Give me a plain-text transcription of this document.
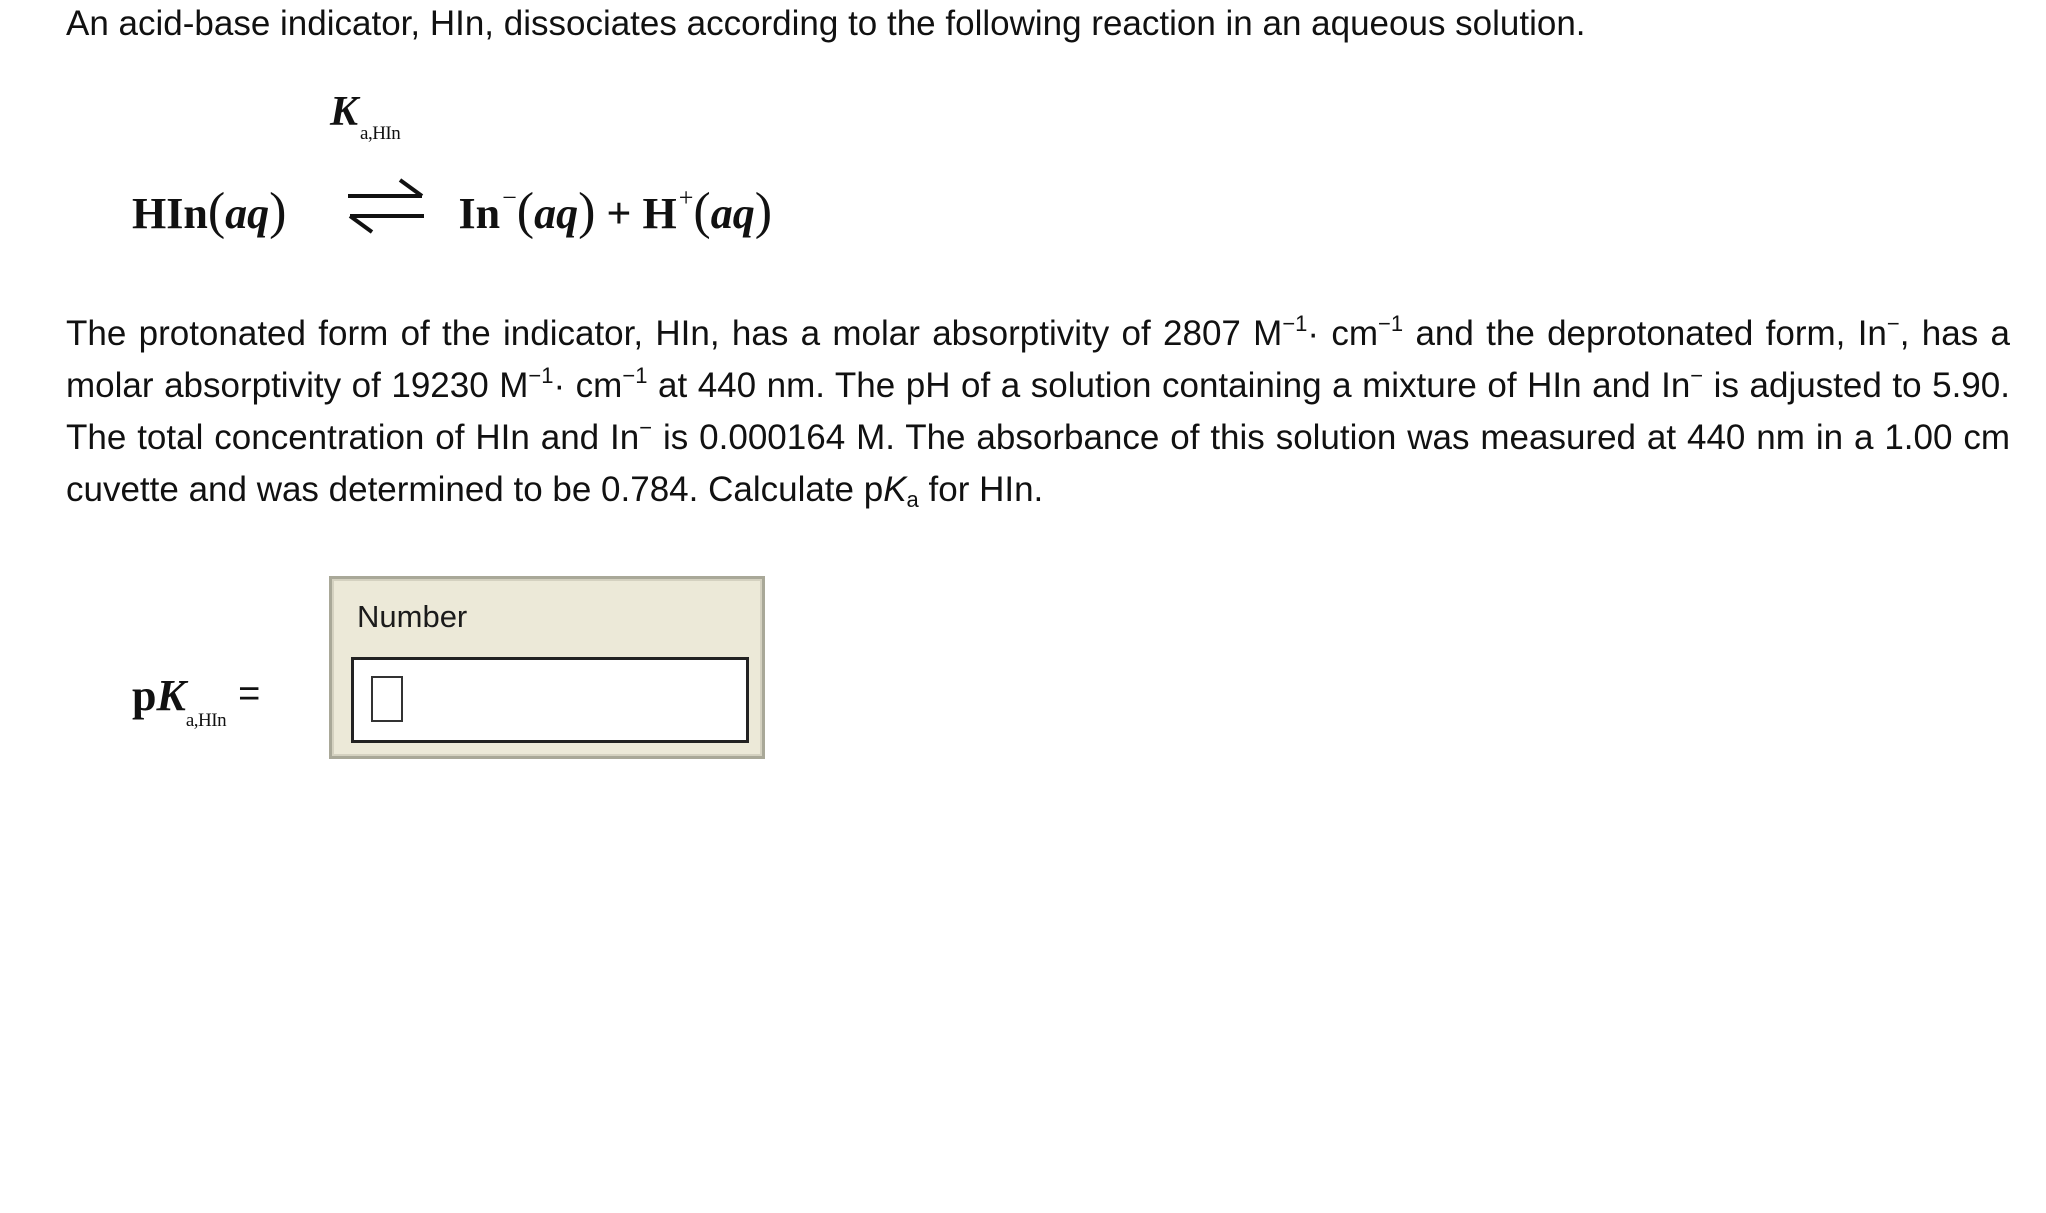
An acid-base indicator, HIn, dissociates according to the following reaction in an aqueous solution.
K $_{a,HIn}$
HIn(aq)	In−(aq) + H+(aq)
The protonated form of the indicator, HIn, has a molar absorptivity of 2807 $M^{-1}\cdot cm^{-1}$ and the deprotonated form, In−, has a molar absorptivity of 19230 $M^{-1}\cdot cm^{-1}$ at 440 nm. The pH of a solution containing a mixture of HIn and In− is adjusted to 5.90. The total concentration of HIn and In− is 0.000164 M. The absorbance of this solution was measured at 440 nm in a 1.00 cm cuvette and was determined to be 0.784. Calculate $pK_a$ for HIn.
$pK_{a,HIn}=$
Number
